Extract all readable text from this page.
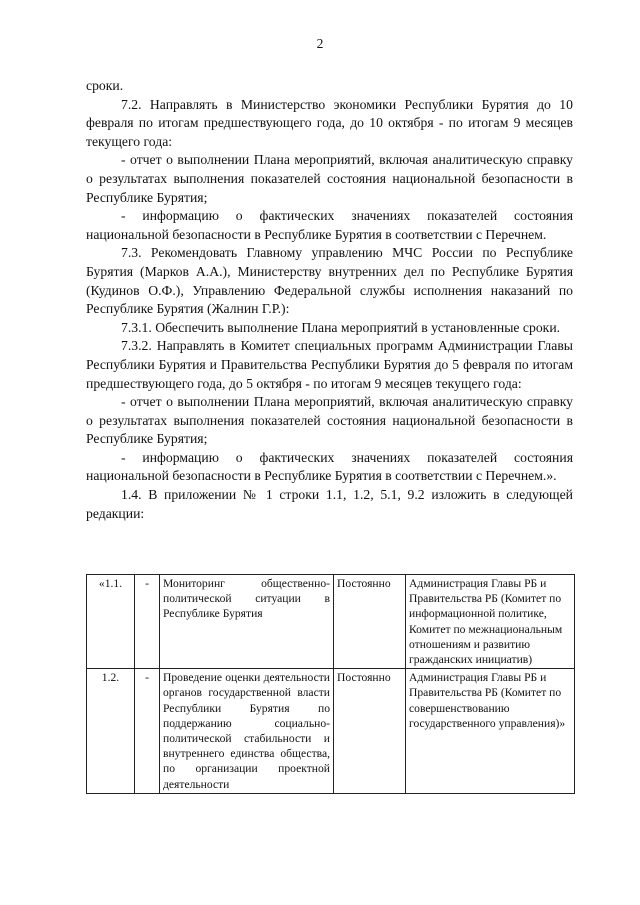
2

сроки.

7.2. Направлять в Министерство экономики Республики Бурятия до 10 февраля по итогам предшествующего года, до 10 октября - по итогам 9 месяцев текущего года:

- отчет о выполнении Плана мероприятий, включая аналитическую справку о результатах выполнения показателей состояния национальной безопасности в Республике Бурятия;

- информацию о фактических значениях показателей состояния национальной безопасности в Республике Бурятия в соответствии с Перечнем.

7.3. Рекомендовать Главному управлению МЧС России по Республике Бурятия (Марков А.А.), Министерству внутренних дел по Республике Бурятия (Кудинов О.Ф.), Управлению Федеральной службы исполнения наказаний по Республике Бурятия (Жалнин Г.Р.):

7.3.1. Обеспечить выполнение Плана мероприятий в установленные сроки.

7.3.2. Направлять в Комитет специальных программ Администрации Главы Республики Бурятия и Правительства Республики Бурятия до 5 февраля по итогам предшествующего года, до 5 октября - по итогам 9 месяцев текущего года:

- отчет о выполнении Плана мероприятий, включая аналитическую справку о результатах выполнения показателей состояния национальной безопасности в Республике Бурятия;

- информацию о фактических значениях показателей состояния национальной безопасности в Республике Бурятия в соответствии с Перечнем.».

1.4. В приложении № 1 строки 1.1, 1.2, 5.1, 9.2 изложить в следующей редакции:

«1.1.	-	Мониторинг общественно-политической ситуации в Республике Бурятия	Постоянно	Администрация Главы РБ и Правительства РБ (Комитет по информационной политике, Комитет по межнациональным отношениям и развитию гражданских инициатив)
1.2.	-	Проведение оценки деятельности органов государственной власти Республики Бурятия по поддержанию социально-политической стабильности и внутреннего единства общества, по организации проектной деятельности	Постоянно	Администрация Главы РБ и Правительства РБ (Комитет по совершенствованию государственного управления)»
